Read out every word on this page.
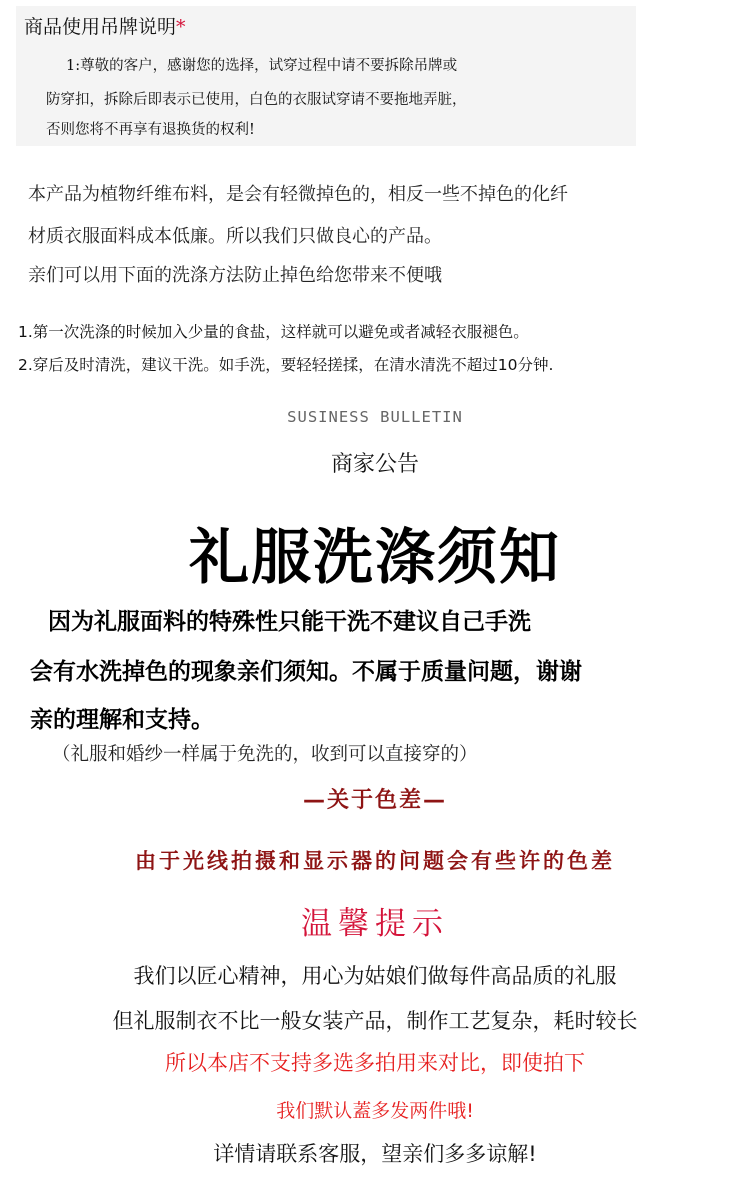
商品使用吊牌说明*
1:尊敬的客户，感谢您的选择，试穿过程中请不要拆除吊牌或
防穿扣，拆除后即表示已使用，白色的衣服试穿请不要拖地弄脏，
否则您将不再享有退换货的权利!
本产品为植物纤维布料，是会有轻微掉色的，相反一些不掉色的化纤
材质衣服面料成本低廉。所以我们只做良心的产品。
亲们可以用下面的洗涤方法防止掉色给您带来不便哦
1.第一次洗涤的时候加入少量的食盐，这样就可以避免或者减轻衣服褪色。
2.穿后及时清洗，建议干洗。如手洗，要轻轻搓揉，在清水清洗不超过10分钟.
SUSINESS BULLETIN
商家公告
礼服洗涤须知
因为礼服面料的特殊性只能干洗不建议自己手洗
会有水洗掉色的现象亲们须知。不属于质量问题，谢谢
亲的理解和支持。
（礼服和婚纱一样属于免洗的，收到可以直接穿的）
—关于色差—
由于光线拍摄和显示器的问题会有些许的色差
温馨提示
我们以匠心精神，用心为姑娘们做每件高品质的礼服
但礼服制衣不比一般女装产品，制作工艺复杂，耗时较长
所以本店不支持多选多拍用来对比，即使拍下
我们默认蓋多发两件哦!
详情请联系客服，望亲们多多谅解!
